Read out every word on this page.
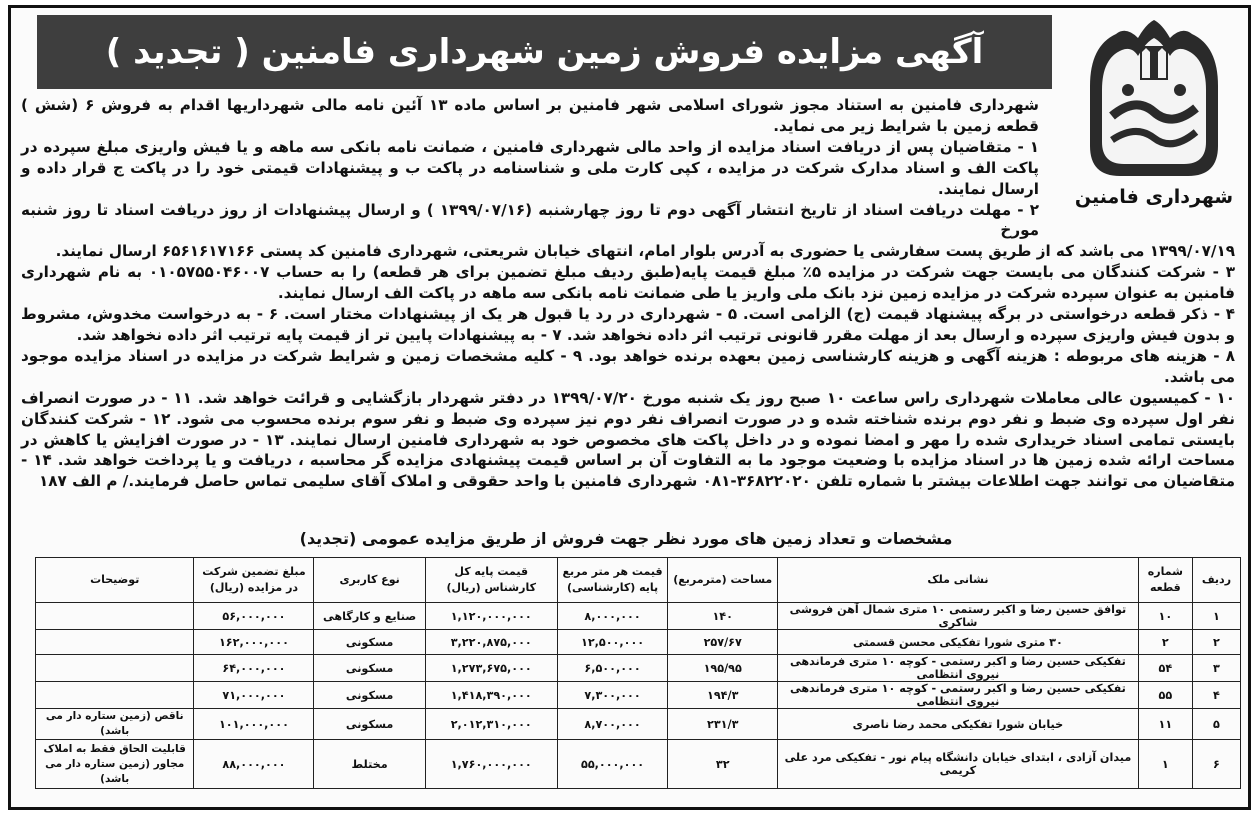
شهرداری فامنین
آگهی مزایده فروش زمین شهرداری فامنین ( تجدید )

شهرداری فامنین به استناد مجوز شورای اسلامی شهر فامنین بر اساس ماده ۱۳ آئین نامه مالی شهرداریها اقدام به فروش ۶ (شش ) قطعه زمین با شرایط زیر می نماید.

۱ - متقاضیان پس از دریافت اسناد مزایده از واحد مالی شهرداری فامنین ، ضمانت نامه بانکی سه ماهه و یا فیش واریزی مبلغ سپرده در پاکت الف و اسناد مدارک شرکت در مزایده ، کپی کارت ملی و شناسنامه در پاکت ب و پیشنهادات قیمتی خود را در پاکت ج قرار داده و ارسال نمایند.

۲ - مهلت دریافت اسناد از تاریخ انتشار آگهی دوم تا روز چهارشنبه (۱۳۹۹/۰۷/۱۶ ) و ارسال پیشنهادات از روز دریافت اسناد تا روز شنبه مورخ

۱۳۹۹/۰۷/۱۹ می باشد که از طریق پست سفارشی یا حضوری به آدرس بلوار امام، انتهای خیابان شریعتی، شهرداری فامنین کد پستی ۶۵۶۱۶۱۷۱۶۶ ارسال نمایند.

۳ - شرکت کنندگان می بایست جهت شرکت در مزایده ۵٪ مبلغ قیمت پایه(طبق ردیف مبلغ تضمین برای هر قطعه) را به حساب ۰۱۰۵۷۵۵۰۴۶۰۰۷ به نام شهرداری فامنین به عنوان سپرده شرکت در مزایده زمین نزد بانک ملی واریز یا طی ضمانت نامه بانکی سه ماهه در پاکت الف ارسال نمایند.

۴ - ذکر قطعه درخواستی در برگه پیشنهاد قیمت (ج) الزامی است. ۵ - شهرداری در رد یا قبول هر یک از پیشنهادات مختار است. ۶ - به درخواست مخدوش، مشروط و بدون فیش واریزی سپرده و ارسال بعد از مهلت مقرر قانونی ترتیب اثر داده نخواهد شد. ۷ - به پیشنهادات پایین تر از قیمت پایه ترتیب اثر داده نخواهد شد.

۸ - هزینه های مربوطه : هزینه آگهی و هزینه کارشناسی زمین بعهده برنده خواهد بود. ۹ - کلیه مشخصات زمین و شرایط شرکت در مزایده در اسناد مزایده موجود می باشد.

۱۰ - کمیسیون عالی معاملات شهرداری راس ساعت ۱۰ صبح روز یک شنبه مورخ ۱۳۹۹/۰۷/۲۰ در دفتر شهردار بازگشایی و قرائت خواهد شد. ۱۱ - در صورت انصراف نفر اول سپرده وی ضبط و نفر دوم برنده شناخته شده و در صورت انصراف نفر دوم نیز سپرده وی ضبط و نفر سوم برنده محسوب می شود. ۱۲ - شرکت کنندگان بایستی تمامی اسناد خریداری شده را مهر و امضا نموده و در داخل پاکت های مخصوص خود به شهرداری فامنین ارسال نمایند. ۱۳ - در صورت افزایش یا کاهش در مساحت ارائه شده زمین ها در اسناد مزایده با وضعیت موجود ما به التفاوت آن بر اساس قیمت پیشنهادی مزایده گر محاسبه ، دریافت و یا پرداخت خواهد شد. ۱۴ - متقاضیان می توانند جهت اطلاعات بیشتر با شماره تلفن ۳۶۸۲۲۰۲۰-۰۸۱ شهرداری فامنین با واحد حقوقی و املاک آقای سلیمی تماس حاصل فرمایند./ م الف ۱۸۷

مشخصات و تعداد زمین های مورد نظر جهت فروش از طریق مزایده عمومی (تجدید)
ردیف	شماره قطعه	نشانی ملک	مساحت (مترمربع)	قیمت هر متر مربع پایه (کارشناسی)	قیمت پایه کل کارشناس (ریال)	نوع کاربری	مبلغ تضمین شرکت در مزایده (ریال)	توضیحات
۱	۱۰	توافق حسین رضا و اکبر رستمی ۱۰ متری شمال آهن فروشی شاکری	۱۴۰	۸,۰۰۰,۰۰۰	۱,۱۲۰,۰۰۰,۰۰۰	صنایع و کارگاهی	۵۶,۰۰۰,۰۰۰	
۲	۲	۳۰ متری شورا تفکیکی محسن قسمتی	۲۵۷/۶۷	۱۲,۵۰۰,۰۰۰	۳,۲۲۰,۸۷۵,۰۰۰	مسکونی	۱۶۲,۰۰۰,۰۰۰	
۳	۵۴	تفکیکی حسین رضا و اکبر رستمی - کوچه ۱۰ متری فرماندهی نیروی انتظامی	۱۹۵/۹۵	۶,۵۰۰,۰۰۰	۱,۲۷۳,۶۷۵,۰۰۰	مسکونی	۶۴,۰۰۰,۰۰۰	
۴	۵۵	تفکیکی حسین رضا و اکبر رستمی - کوچه ۱۰ متری فرماندهی نیروی انتظامی	۱۹۴/۳	۷,۳۰۰,۰۰۰	۱,۴۱۸,۳۹۰,۰۰۰	مسکونی	۷۱,۰۰۰,۰۰۰	
۵	۱۱	خیابان شورا تفکیکی محمد رضا ناصری	۲۳۱/۳	۸,۷۰۰,۰۰۰	۲,۰۱۲,۳۱۰,۰۰۰	مسکونی	۱۰۱,۰۰۰,۰۰۰	ناقص (زمین ستاره دار می باشد)
۶	۱	میدان آزادی ، ابتدای خیابان دانشگاه پیام نور - تفکیکی مرد علی کریمی	۳۲	۵۵,۰۰۰,۰۰۰	۱,۷۶۰,۰۰۰,۰۰۰	مختلط	۸۸,۰۰۰,۰۰۰	قابلیت الحاق فقط به املاک مجاور (زمین ستاره دار می باشد)
